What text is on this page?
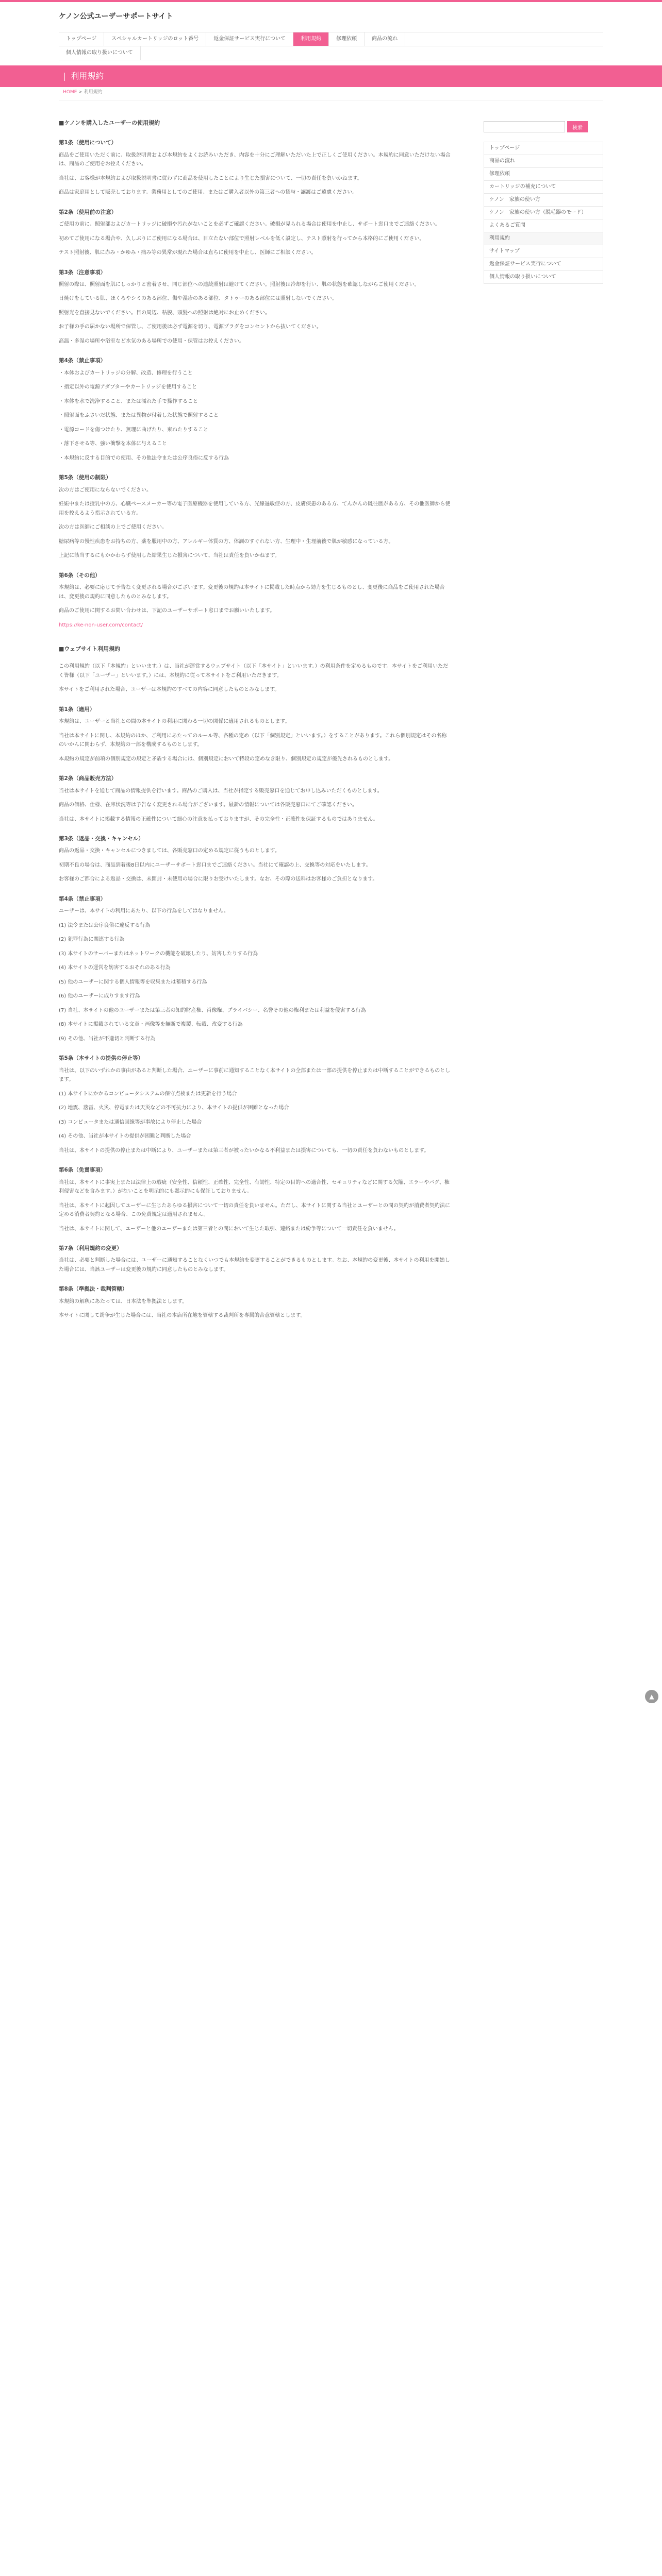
ケノン公式ユーザーサポートサイト
トップページ	スペシャルカートリッジのロット番号	返金保証サービス実行について	利用規約	修理依頼	商品の流れ
個人情報の取り扱いについて
| 利用規約
HOME > 利用規約
■ケノンを購入したユーザーの使用規約
第1条（使用について）

商品をご使用いただく前に、取扱説明書および本規約をよくお読みいただき、内容を十分にご理解いただいた上で正しくご使用ください。本規約に同意いただけない場合は、商品のご使用をお控えください。

当社は、お客様が本規約および取扱説明書に従わずに商品を使用したことにより生じた損害について、一切の責任を負いかねます。

商品は家庭用として販売しております。業務用としてのご使用、またはご購入者以外の第三者への貸与・譲渡はご遠慮ください。

第2条（使用前の注意）

ご使用の前に、照射部およびカートリッジに破損や汚れがないことを必ずご確認ください。破損が見られる場合は使用を中止し、サポート窓口までご連絡ください。

初めてご使用になる場合や、久しぶりにご使用になる場合は、目立たない部位で照射レベルを低く設定し、テスト照射を行ってから本格的にご使用ください。

テスト照射後、肌に赤み・かゆみ・痛み等の異常が現れた場合は直ちに使用を中止し、医師にご相談ください。

第3条（注意事項）

照射の際は、照射面を肌にしっかりと密着させ、同じ部位への連続照射は避けてください。照射後は冷却を行い、肌の状態を確認しながらご使用ください。

日焼けをしている肌、ほくろやシミのある部位、傷や湿疹のある部位、タトゥーのある部位には照射しないでください。

照射光を直接見ないでください。目の周辺、粘膜、頭髪への照射は絶対にお止めください。

お子様の手の届かない場所で保管し、ご使用後は必ず電源を切り、電源プラグをコンセントから抜いてください。

高温・多湿の場所や浴室など水気のある場所での使用・保管はお控えください。

第4条（禁止事項）

・本体およびカートリッジの分解、改造、修理を行うこと

・指定以外の電源アダプターやカートリッジを使用すること

・本体を水で洗浄すること、または濡れた手で操作すること

・照射面をふさいだ状態、または異物が付着した状態で照射すること

・電源コードを傷つけたり、無理に曲げたり、束ねたりすること

・落下させる等、強い衝撃を本体に与えること

・本規約に反する目的での使用、その他法令または公序良俗に反する行為

第5条（使用の制限）

次の方はご使用にならないでください。

妊娠中または授乳中の方、心臓ペースメーカー等の電子医療機器を使用している方、光線過敏症の方、皮膚疾患のある方、てんかんの既往歴がある方、その他医師から使用を控えるよう指示されている方。

次の方は医師にご相談の上でご使用ください。

糖尿病等の慢性疾患をお持ちの方、薬を服用中の方、アレルギー体質の方、体調のすぐれない方、生理中・生理前後で肌が敏感になっている方。

上記に該当するにもかかわらず使用した結果生じた損害について、当社は責任を負いかねます。

第6条（その他）

本規約は、必要に応じて予告なく変更される場合がございます。変更後の規約は本サイトに掲載した時点から効力を生じるものとし、変更後に商品をご使用された場合は、変更後の規約に同意したものとみなします。

商品のご使用に関するお問い合わせは、下記のユーザーサポート窓口までお願いいたします。

https://ke-non-user.com/contact/

■ウェブサイト利用規約

この利用規約（以下「本規約」といいます。）は、当社が運営するウェブサイト（以下「本サイト」といいます。）の利用条件を定めるものです。本サイトをご利用いただく皆様（以下「ユーザー」といいます。）には、本規約に従って本サイトをご利用いただきます。

本サイトをご利用された場合、ユーザーは本規約のすべての内容に同意したものとみなします。

第1条（適用）

本規約は、ユーザーと当社との間の本サイトの利用に関わる一切の関係に適用されるものとします。

当社は本サイトに関し、本規約のほか、ご利用にあたってのルール等、各種の定め（以下「個別規定」といいます。）をすることがあります。これら個別規定はその名称のいかんに関わらず、本規約の一部を構成するものとします。

本規約の規定が前項の個別規定の規定と矛盾する場合には、個別規定において特段の定めなき限り、個別規定の規定が優先されるものとします。

第2条（商品販売方法）

当社は本サイトを通じて商品の情報提供を行います。商品のご購入は、当社が指定する販売窓口を通じてお申し込みいただくものとします。

商品の価格、仕様、在庫状況等は予告なく変更される場合がございます。最新の情報については各販売窓口にてご確認ください。

当社は、本サイトに掲載する情報の正確性について細心の注意を払っておりますが、その完全性・正確性を保証するものではありません。

第3条（返品・交換・キャンセル）

商品の返品・交換・キャンセルにつきましては、各販売窓口の定める規定に従うものとします。

初期不良の場合は、商品到着後8日以内にユーザーサポート窓口までご連絡ください。当社にて確認の上、交換等の対応をいたします。

お客様のご都合による返品・交換は、未開封・未使用の場合に限りお受けいたします。なお、その際の送料はお客様のご負担となります。

第4条（禁止事項）

ユーザーは、本サイトの利用にあたり、以下の行為をしてはなりません。

(1) 法令または公序良俗に違反する行為

(2) 犯罪行為に関連する行為

(3) 本サイトのサーバーまたはネットワークの機能を破壊したり、妨害したりする行為

(4) 本サイトの運営を妨害するおそれのある行為

(5) 他のユーザーに関する個人情報等を収集または蓄積する行為

(6) 他のユーザーに成りすます行為

(7) 当社、本サイトの他のユーザーまたは第三者の知的財産権、肖像権、プライバシー、名誉その他の権利または利益を侵害する行為

(8) 本サイトに掲載されている文章・画像等を無断で複製、転載、改変する行為

(9) その他、当社が不適切と判断する行為

第5条（本サイトの提供の停止等）

当社は、以下のいずれかの事由があると判断した場合、ユーザーに事前に通知することなく本サイトの全部または一部の提供を停止または中断することができるものとします。

(1) 本サイトにかかるコンピュータシステムの保守点検または更新を行う場合

(2) 地震、落雷、火災、停電または天災などの不可抗力により、本サイトの提供が困難となった場合

(3) コンピュータまたは通信回線等が事故により停止した場合

(4) その他、当社が本サイトの提供が困難と判断した場合

当社は、本サイトの提供の停止または中断により、ユーザーまたは第三者が被ったいかなる不利益または損害についても、一切の責任を負わないものとします。

第6条（免責事項）

当社は、本サイトに事実上または法律上の瑕疵（安全性、信頼性、正確性、完全性、有効性、特定の目的への適合性、セキュリティなどに関する欠陥、エラーやバグ、権利侵害などを含みます。）がないことを明示的にも黙示的にも保証しておりません。

当社は、本サイトに起因してユーザーに生じたあらゆる損害について一切の責任を負いません。ただし、本サイトに関する当社とユーザーとの間の契約が消費者契約法に定める消費者契約となる場合、この免責規定は適用されません。

当社は、本サイトに関して、ユーザーと他のユーザーまたは第三者との間において生じた取引、連絡または紛争等について一切責任を負いません。

第7条（利用規約の変更）

当社は、必要と判断した場合には、ユーザーに通知することなくいつでも本規約を変更することができるものとします。なお、本規約の変更後、本サイトの利用を開始した場合には、当該ユーザーは変更後の規約に同意したものとみなします。

第8条（準拠法・裁判管轄）

本規約の解釈にあたっては、日本法を準拠法とします。

本サイトに関して紛争が生じた場合には、当社の本店所在地を管轄する裁判所を専属的合意管轄とします。

検索
トップページ
商品の流れ
修理依頼
カートリッジの補充について
ケノン　家族の使い方
ケノン　家族の使い方（脱毛器のモード）
よくあるご質問
利用規約
サイトマップ
返金保証サービス実行について
個人情報の取り扱いについて
▲
